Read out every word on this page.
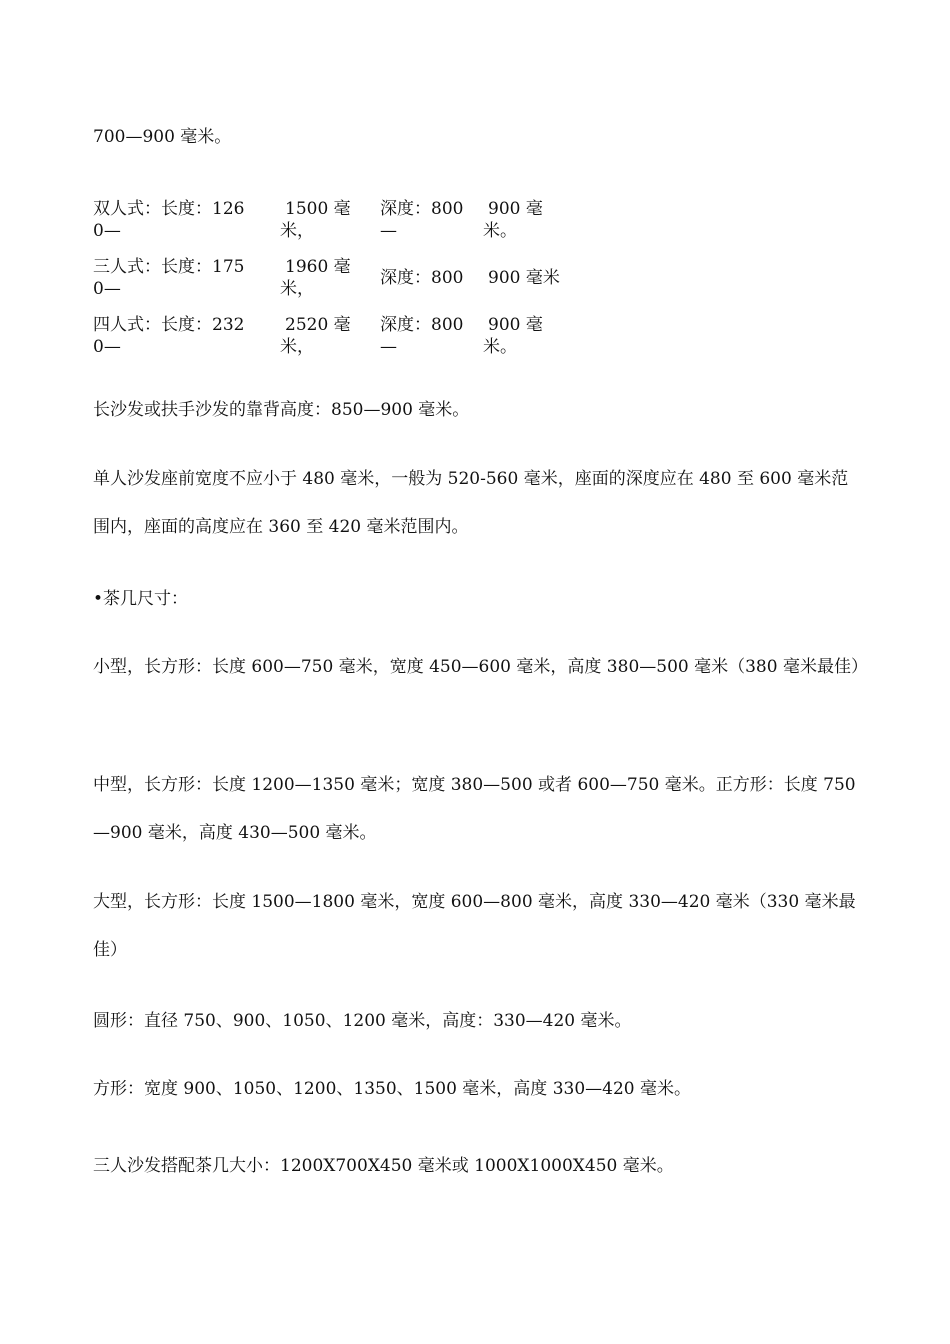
700—900 毫米。
双人式：长度：126
0—
1500 毫
米，
深度：800
—
900 毫
米。
三人式：长度：175
0—
1960 毫
米，
深度：800 900 毫米
四人式：长度：232
0—
2520 毫
米，
深度：800
—
900 毫
米。
长沙发或扶手沙发的靠背高度：850—900 毫米。
单人沙发座前宽度不应小于 480 毫米，一般为 520-560 毫米，座面的深度应在 480 至 600 毫米范围内，座面的高度应在 360 至 420 毫米范围内。
•茶几尺寸：
小型，长方形：长度 600—750 毫米，宽度 450—600 毫米，高度 380—500 毫米（380 毫米最佳）
中型，长方形：长度 1200—1350 毫米；宽度 380—500 或者 600—750 毫米。正方形：长度 750—900 毫米，高度 430—500 毫米。
大型，长方形：长度 1500—1800 毫米，宽度 600—800 毫米，高度 330—420 毫米（330 毫米最佳）
圆形：直径 750、900、1050、1200 毫米，高度：330—420 毫米。
方形：宽度 900、1050、1200、1350、1500 毫米，高度 330—420 毫米。
三人沙发搭配茶几大小：1200X700X450 毫米或 1000X1000X450 毫米。
